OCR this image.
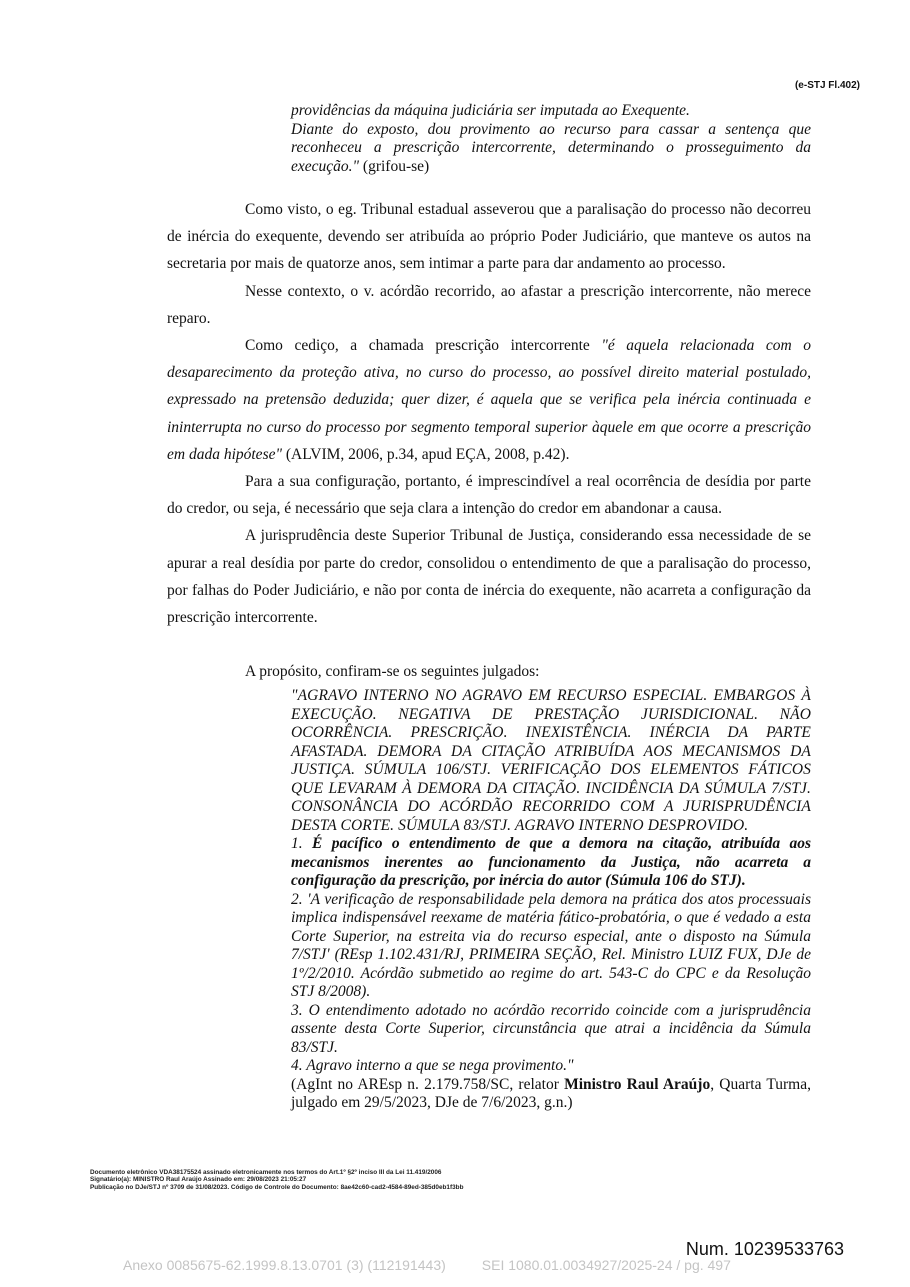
(e-STJ Fl.402)
providências da máquina judiciária ser imputada ao Exequente.
Diante do exposto, dou provimento ao recurso para cassar a sentença que reconheceu a prescrição intercorrente, determinando o prosseguimento da execução." (grifou-se)

Como visto, o eg. Tribunal estadual asseverou que a paralisação do processo não decorreu de inércia do exequente, devendo ser atribuída ao próprio Poder Judiciário, que manteve os autos na secretaria por mais de quatorze anos, sem intimar a parte para dar andamento ao processo.

Nesse contexto, o v. acórdão recorrido, ao afastar a prescrição intercorrente, não merece reparo.

Como cediço, a chamada prescrição intercorrente "é aquela relacionada com o desaparecimento da proteção ativa, no curso do processo, ao possível direito material postulado, expressado na pretensão deduzida; quer dizer, é aquela que se verifica pela inércia continuada e ininterrupta no curso do processo por segmento temporal superior àquele em que ocorre a prescrição em dada hipótese" (ALVIM, 2006, p.34, apud EÇA, 2008, p.42).

Para a sua configuração, portanto, é imprescindível a real ocorrência de desídia por parte do credor, ou seja, é necessário que seja clara a intenção do credor em abandonar a causa.

A jurisprudência deste Superior Tribunal de Justiça, considerando essa necessidade de se apurar a real desídia por parte do credor, consolidou o entendimento de que a paralisação do processo, por falhas do Poder Judiciário, e não por conta de inércia do exequente, não acarreta a configuração da prescrição intercorrente.

A propósito, confiram-se os seguintes julgados:
"AGRAVO INTERNO NO AGRAVO EM RECURSO ESPECIAL. EMBARGOS À EXECUÇÃO. NEGATIVA DE PRESTAÇÃO JURISDICIONAL. NÃO OCORRÊNCIA. PRESCRIÇÃO. INEXISTÊNCIA. INÉRCIA DA PARTE AFASTADA. DEMORA DA CITAÇÃO ATRIBUÍDA AOS MECANISMOS DA JUSTIÇA. SÚMULA 106/STJ. VERIFICAÇÃO DOS ELEMENTOS FÁTICOS QUE LEVARAM À DEMORA DA CITAÇÃO. INCIDÊNCIA DA SÚMULA 7/STJ. CONSONÂNCIA DO ACÓRDÃO RECORRIDO COM A JURISPRUDÊNCIA DESTA CORTE. SÚMULA 83/STJ. AGRAVO INTERNO DESPROVIDO.
1. É pacífico o entendimento de que a demora na citação, atribuída aos mecanismos inerentes ao funcionamento da Justiça, não acarreta a configuração da prescrição, por inércia do autor (Súmula 106 do STJ).
2. 'A verificação de responsabilidade pela demora na prática dos atos processuais implica indispensável reexame de matéria fático-probatória, o que é vedado a esta Corte Superior, na estreita via do recurso especial, ante o disposto na Súmula 7/STJ' (REsp 1.102.431/RJ, PRIMEIRA SEÇÃO, Rel. Ministro LUIZ FUX, DJe de 1º/2/2010. Acórdão submetido ao regime do art. 543-C do CPC e da Resolução STJ 8/2008).
3. O entendimento adotado no acórdão recorrido coincide com a jurisprudência assente desta Corte Superior, circunstância que atrai a incidência da Súmula 83/STJ.
4. Agravo interno a que se nega provimento."
(AgInt no AREsp n. 2.179.758/SC, relator Ministro Raul Araújo, Quarta Turma, julgado em 29/5/2023, DJe de 7/6/2023, g.n.)
Documento eletrônico VDA38175524 assinado eletronicamente nos termos do Art.1º §2º inciso III da Lei 11.419/2006
Signatário(a): MINISTRO Raul Araújo Assinado em: 29/08/2023 21:05:27
Publicação no DJe/STJ nº 3709 de 31/08/2023. Código de Controle do Documento: 8ae42c60-cad2-4584-89ed-385d0eb1f3bb
Num. 10239533763
Anexo 0085675-62.1999.8.13.0701 (3) (112191443)	SEI 1080.01.0034927/2025-24 / pg. 497
